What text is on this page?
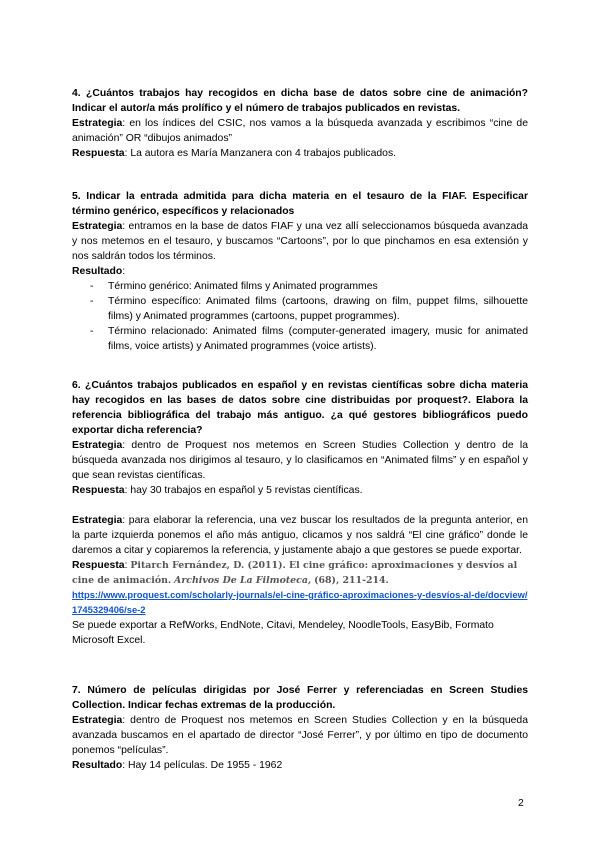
4. ¿Cuántos trabajos hay recogidos en dicha base de datos sobre cine de animación? Indicar el autor/a más prolífico y el número de trabajos publicados en revistas.

Estrategia: en los índices del CSIC, nos vamos a la búsqueda avanzada y escribimos “cine de animación” OR “dibujos animados”

Respuesta: La autora es María Manzanera con 4 trabajos publicados.

5. Indicar la entrada admitida para dicha materia en el tesauro de la FIAF. Especificar término genérico, específicos y relacionados

Estrategia: entramos en la base de datos FIAF y una vez allí seleccionamos búsqueda avanzada y nos metemos en el tesauro, y buscamos “Cartoons”, por lo que pinchamos en esa extensión y nos saldrán todos los términos.

Resultado:

- Término genérico: Animated films y Animated programmes
- Término específico: Animated films (cartoons, drawing on film, puppet films, silhouette films) y Animated programmes (cartoons, puppet programmes).
- Término relacionado: Animated films (computer-generated imagery, music for animated films, voice artists) y Animated programmes (voice artists).

6. ¿Cuántos trabajos publicados en español y en revistas científicas sobre dicha materia hay recogidos en las bases de datos sobre cine distribuidas por proquest?. Elabora la referencia bibliográfica del trabajo más antiguo. ¿a qué gestores bibliográficos puedo exportar dicha referencia?

Estrategia: dentro de Proquest nos metemos en Screen Studies Collection y dentro de la búsqueda avanzada nos dirigimos al tesauro, y lo clasificamos en “Animated films” y en español y que sean revistas científicas.

Respuesta: hay 30 trabajos en español y 5 revistas científicas.

Estrategia: para elaborar la referencia, una vez buscar los resultados de la pregunta anterior, en la parte izquierda ponemos el año más antiguo, clicamos y nos saldrá “El cine gráfico” donde le daremos a citar y copiaremos la referencia, y justamente abajo a que gestores se puede exportar.

Respuesta: Pitarch Fernández, D. (2011). El cine gráfico: aproximaciones y desvíos al cine de animación. Archivos De La Filmoteca, (68), 211-214.

https://www.proquest.com/scholarly-journals/el-cine-gráfico-aproximaciones-y-desvíos-al-de/docview/1745329406/se-2

Se puede exportar a RefWorks, EndNote, Citavi, Mendeley, NoodleTools, EasyBib, Formato Microsoft Excel.

7. Número de películas dirigidas por José Ferrer y referenciadas en Screen Studies Collection. Indicar fechas extremas de la producción.

Estrategia: dentro de Proquest nos metemos en Screen Studies Collection y en la búsqueda avanzada buscamos en el apartado de director “José Ferrer”, y por último en tipo de documento ponemos “películas”.

Resultado: Hay 14 películas. De 1955 - 1962

2
